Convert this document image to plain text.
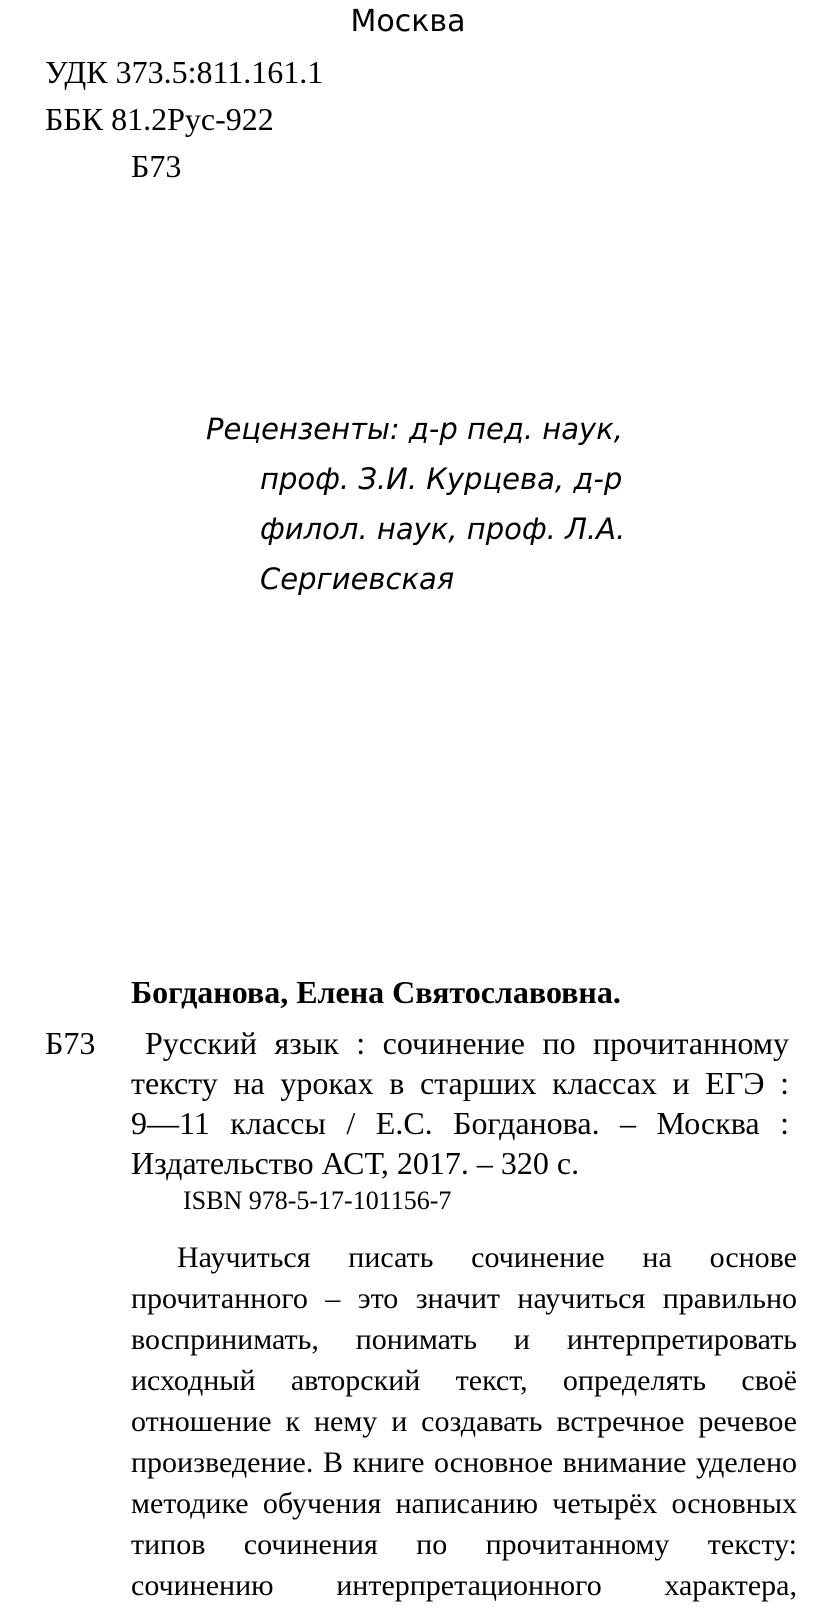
Москва
УДК 373.5:811.161.1
ББК 81.2Рус-922
Б73
Рецензенты: д-р пед. наук,
проф. З.И. Курцева, д-р
филол. наук, проф. Л.А.
Сергиевская
Богданова, Елена Святославовна.
Б73	Русский язык : сочинение по прочитанному
тексту на уроках в старших классах и ЕГЭ :
9—11 классы / Е.С. Богданова. – Москва :
Издательство АСТ, 2017. – 320 с.
ISBN 978-5-17-101156-7
Научиться писать сочинение на основе
прочитанного – это значит научиться правильно
воспринимать, понимать и интерпретировать
исходный авторский текст, определять своё
отношение к нему и создавать встречное речевое
произведение. В книге основное внимание уделено
методике обучения написанию четырёх основных
типов сочинения по прочитанному тексту:
сочинению интерпретационного характера,
